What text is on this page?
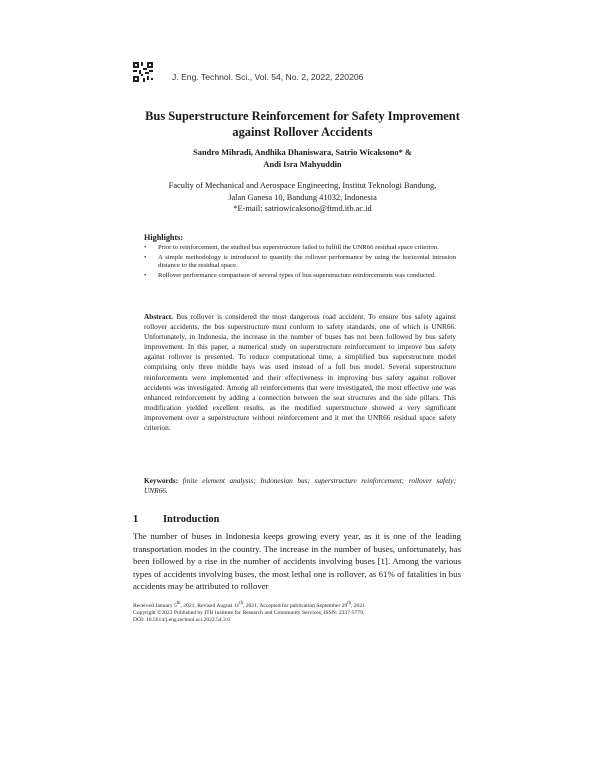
J. Eng. Technol. Sci., Vol. 54, No. 2, 2022, 220206
Bus Superstructure Reinforcement for Safety Improvement against Rollover Accidents
Sandro Mihradi, Andhika Dhaniswara, Satrio Wicaksono* &
Andi Isra Mahyuddin
Faculty of Mechanical and Aerospace Engineering, Institut Teknologi Bandung,
Jalan Ganesa 10, Bandung 41032, Indonesia
*E-mail: satriowicaksono@ftmd.itb.ac.id
Highlights:
• Prior to reinforcement, the studied bus superstructure failed to fulfill the UNR66 residual space criterion.
• A simple methodology is introduced to quantify the rollover performance by using the horizontal intrusion distance to the residual space.
• Rollover performance comparison of several types of bus superstructure reinforcements was conducted.
Abstract. Bus rollover is considered the most dangerous road accident. To ensure bus safety against rollover accidents, the bus superstructure must conform to safety standards, one of which is UNR66. Unfortunately, in Indonesia, the increase in the number of buses has not been followed by bus safety improvement. In this paper, a numerical study on superstructure reinforcement to improve bus safety against rollover is presented. To reduce computational time, a simplified bus superstructure model comprising only three middle bays was used instead of a full bus model. Several superstructure reinforcements were implemented and their effectiveness in improving bus safety against rollover accidents was investigated. Among all reinforcements that were investigated, the most effective one was enhanced reinforcement by adding a connection between the seat structures and the side pillars. This modification yielded excellent results, as the modified superstructure showed a very significant improvement over a superstructure without reinforcement and it met the UNR66 residual space safety criterion.
Keywords: finite element analysis; Indonesian bus; superstructure reinforcement; rollover safety; UNR66.
1 Introduction
The number of buses in Indonesia keeps growing every year, as it is one of the leading transportation modes in the country. The increase in the number of buses, unfortunately, has been followed by a rise in the number of accidents involving buses [1]. Among the various types of accidents involving buses, the most lethal one is rollover, as 61% of fatalities in bus accidents may be attributed to rollover
Received January 5th, 2021, Revised August 11th, 2021, Accepted for publication September 29th, 2021.
Copyright ©2022 Published by ITB Institute for Research and Community Services, ISSN: 2337-5779,
DOI: 10.5614/j.eng.technol.sci.2022.54.2.6
